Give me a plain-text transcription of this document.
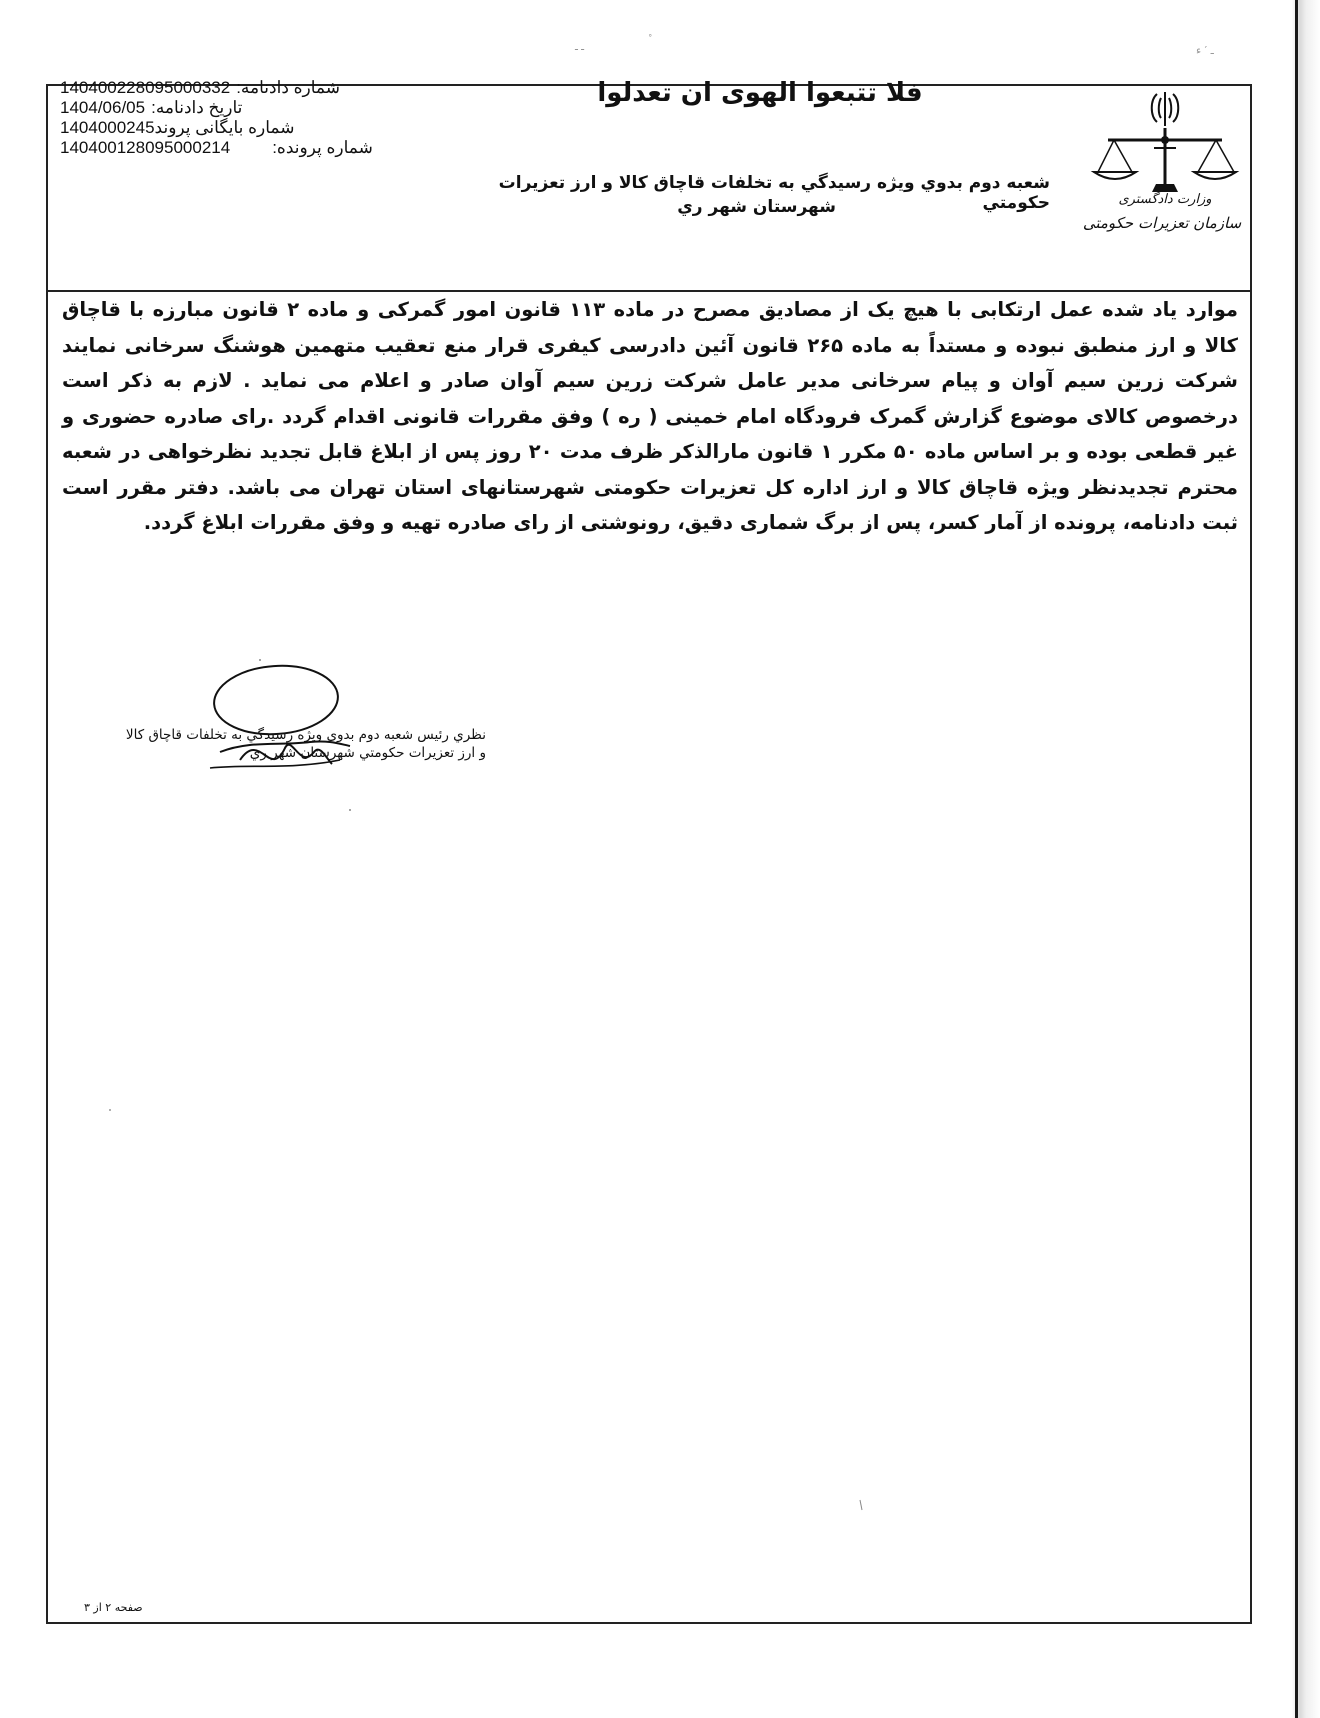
ـ ـ
˚
ـ ′ ء
وزارت دادگستری
سازمان تعزیرات حکومتی
فلا تتبعوا الهوى ان تعدلوا
شعبه دوم بدوي ويژه رسيدگي به تخلفات قاچاق كالا و ارز تعزيرات حكومتي
شهرستان شهر ري
شماره دادنامه:
140400228095000332
تاریخ دادنامه:
1404/06/05
شماره بایگانی پروند
1404000245
شماره پرونده:
140400128095000214
موارد یاد شده عمل ارتکابی با هیچ یک از مصادیق مصرح در ماده ۱۱۳ قانون امور گمرکی و ماده ۲ قانون مبارزه با قاچاق کالا و ارز منطبق نبوده و مستداً به ماده ۲۶۵ قانون آئین دادرسی کیفری قرار منع تعقیب متهمین هوشنگ سرخانی نمایند شرکت زرین سیم آوان و پیام سرخانی مدیر عامل شرکت زرین سیم آوان صادر و اعلام می نماید . لازم به ذکر است درخصوص کالای موضوع گزارش گمرک فرودگاه امام خمینی ( ره ) وفق مقررات قانونی اقدام گردد .رای صادره حضوری و غیر قطعی بوده و بر اساس ماده ۵۰ مکرر ۱ قانون مارالذکر ظرف مدت ۲۰ روز پس از ابلاغ قابل تجدید نظرخواهی در شعبه محترم تجدیدنظر ویژه قاچاق کالا و ارز اداره کل تعزیرات حکومتی شهرستانهای استان تهران می باشد. دفتر مقرر است ثبت دادنامه، پرونده از آمار کسر، پس از برگ شماری دقیق، رونوشتی از رای صادره تهیه و وفق مقررات ابلاغ گردد.
نظري رئيس شعبه دوم بدوي ويژه رسيدگي به تخلفات قاچاق كالا
و ارز تعزيرات حكومتي شهرستان شهر ري
صفحه ۲ از ۳
